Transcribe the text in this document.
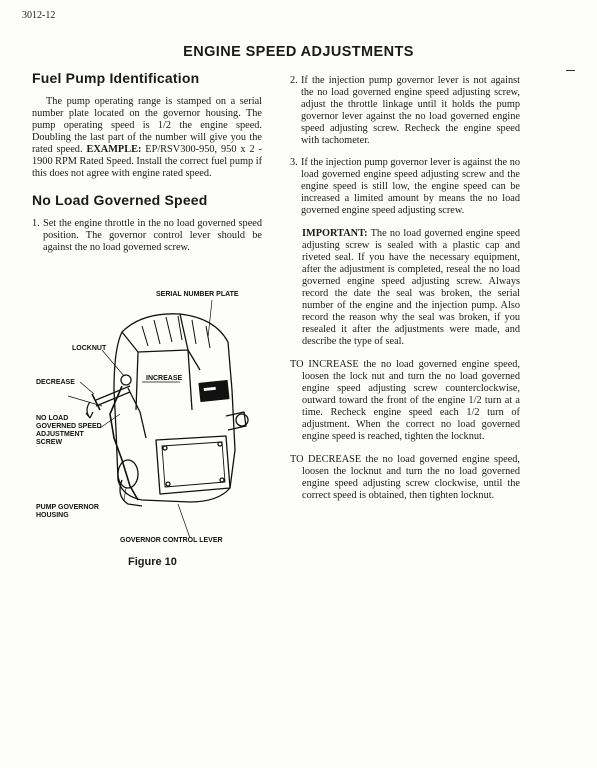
3012-12
ENGINE SPEED ADJUSTMENTS
Fuel Pump Identification

The pump operating range is stamped on a serial number plate located on the governor housing. The pump operating speed is 1/2 the engine speed. Doubling the last part of the number will give you the rated speed. EXAMPLE: EP/RSV300-950, 950 x 2 - 1900 RPM Rated Speed. Install the correct fuel pump if this does not agree with engine rated speed.

No Load Governed Speed
1. Set the engine throttle in the no load governed speed position. The governor control lever should be against the no load governed screw.

SERIAL NUMBER PLATE
LOCKNUT
DECREASE
INCREASE
NO LOAD
GOVERNED SPEED
ADJUSTMENT
SCREW
PUMP GOVERNOR
HOUSING
GOVERNOR CONTROL LEVER
Figure 10
2. If the injection pump governor lever is not against the no load governed engine speed adjusting screw, adjust the throttle linkage until it holds the pump governor lever against the no load governed engine speed adjusting screw. Recheck the engine speed with tachometer.

3. If the injection pump governor lever is against the no load governed engine speed adjusting screw and the engine speed is still low, the engine speed can be increased a limited amount by means the no load governed engine speed adjusting screw.

IMPORTANT: The no load governed engine speed adjusting screw is sealed with a plastic cap and riveted seal. If you have the necessary equipment, after the adjustment is completed, reseal the no load governed engine speed adjusting screw. Always record the date the seal was broken, the serial number of the engine and the injection pump. Also record the reason why the seal was broken, if you resealed it after the adjustments were made, and describe the type of seal.

TO INCREASE the no load governed engine speed, loosen the lock nut and turn the no load governed engine speed adjusting screw counterclockwise, outward toward the front of the engine 1/2 turn at a time. Recheck engine speed each 1/2 turn of adjustment. When the correct no load governed engine speed is reached, tighten the locknut.

TO DECREASE the no load governed engine speed, loosen the locknut and turn the no load governed engine speed adjusting screw clockwise, until the correct speed is obtained, then tighten locknut.
